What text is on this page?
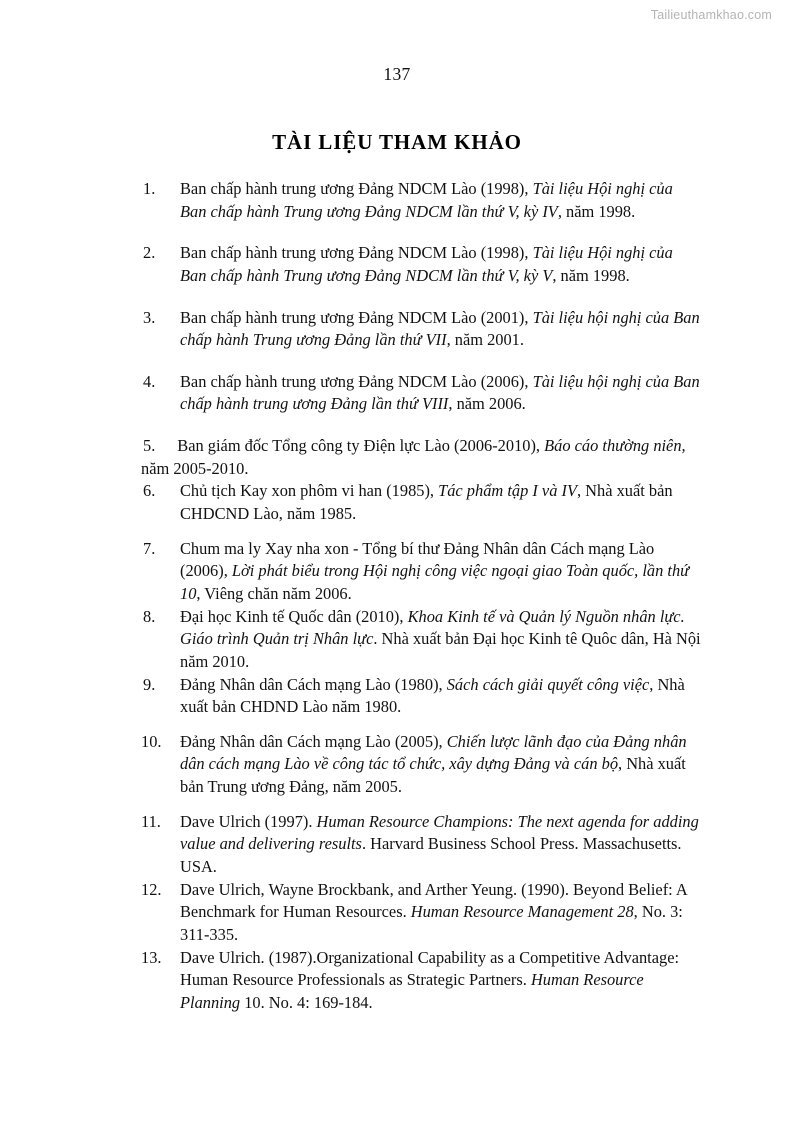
Tailieuthamkhao.com
137
TÀI LIỆU THAM KHẢO
1.	Ban chấp hành trung ương Đảng NDCM Lào (1998), Tài liệu Hội nghị của Ban chấp hành Trung ương Đảng NDCM lần thứ V, kỳ IV, năm 1998.
2.	Ban chấp hành trung ương Đảng NDCM Lào (1998), Tài liệu Hội nghị của Ban chấp hành Trung ương Đảng NDCM lần thứ V, kỳ V, năm 1998.
3.	Ban chấp hành trung ương Đảng NDCM Lào (2001), Tài liệu hội nghị của Ban chấp hành Trung ương Đảng lần thứ VII, năm 2001.
4.	Ban chấp hành trung ương Đảng NDCM Lào (2006), Tài liệu hội nghị của Ban chấp hành trung ương Đảng lần thứ VIII, năm 2006.
5. Ban giám đốc Tổng công ty Điện lực Lào (2006-2010), Báo cáo thường niên, năm 2005-2010.
6.	Chủ tịch Kay xon phôm vi han (1985), Tác phẩm tập I và IV, Nhà xuất bản CHDCND Lào, năm 1985.
7.	Chum ma ly Xay nha xon - Tổng bí thư Đảng Nhân dân Cách mạng Lào (2006), Lời phát biểu trong Hội nghị công việc ngoại giao Toàn quốc, lần thứ 10, Viêng chăn năm 2006.
8.	Đại học Kinh tế Quốc dân (2010), Khoa Kinh tế và Quản lý Nguồn nhân lực. Giáo trình Quản trị Nhân lực. Nhà xuất bản Đại học Kinh tê Quôc dân, Hà Nội năm 2010.
9.	Đảng Nhân dân Cách mạng Lào (1980), Sách cách giải quyết công việc, Nhà xuất bản CHDND Lào năm 1980.
10.	Đảng Nhân dân Cách mạng Lào (2005), Chiến lược lãnh đạo của Đảng nhân dân cách mạng Lào về công tác tổ chức, xây dựng Đảng và cán bộ, Nhà xuất bản Trung ương Đảng, năm 2005.
11.	Dave Ulrich (1997). Human Resource Champions: The next agenda for adding value and delivering results. Harvard Business School Press. Massachusetts. USA.
12.	Dave Ulrich, Wayne Brockbank, and Arther Yeung. (1990). Beyond Belief: A Benchmark for Human Resources. Human Resource Management 28, No. 3: 311-335.
13.	Dave Ulrich. (1987).Organizational Capability as a Competitive Advantage: Human Resource Professionals as Strategic Partners. Human Resource Planning 10. No. 4: 169-184.
